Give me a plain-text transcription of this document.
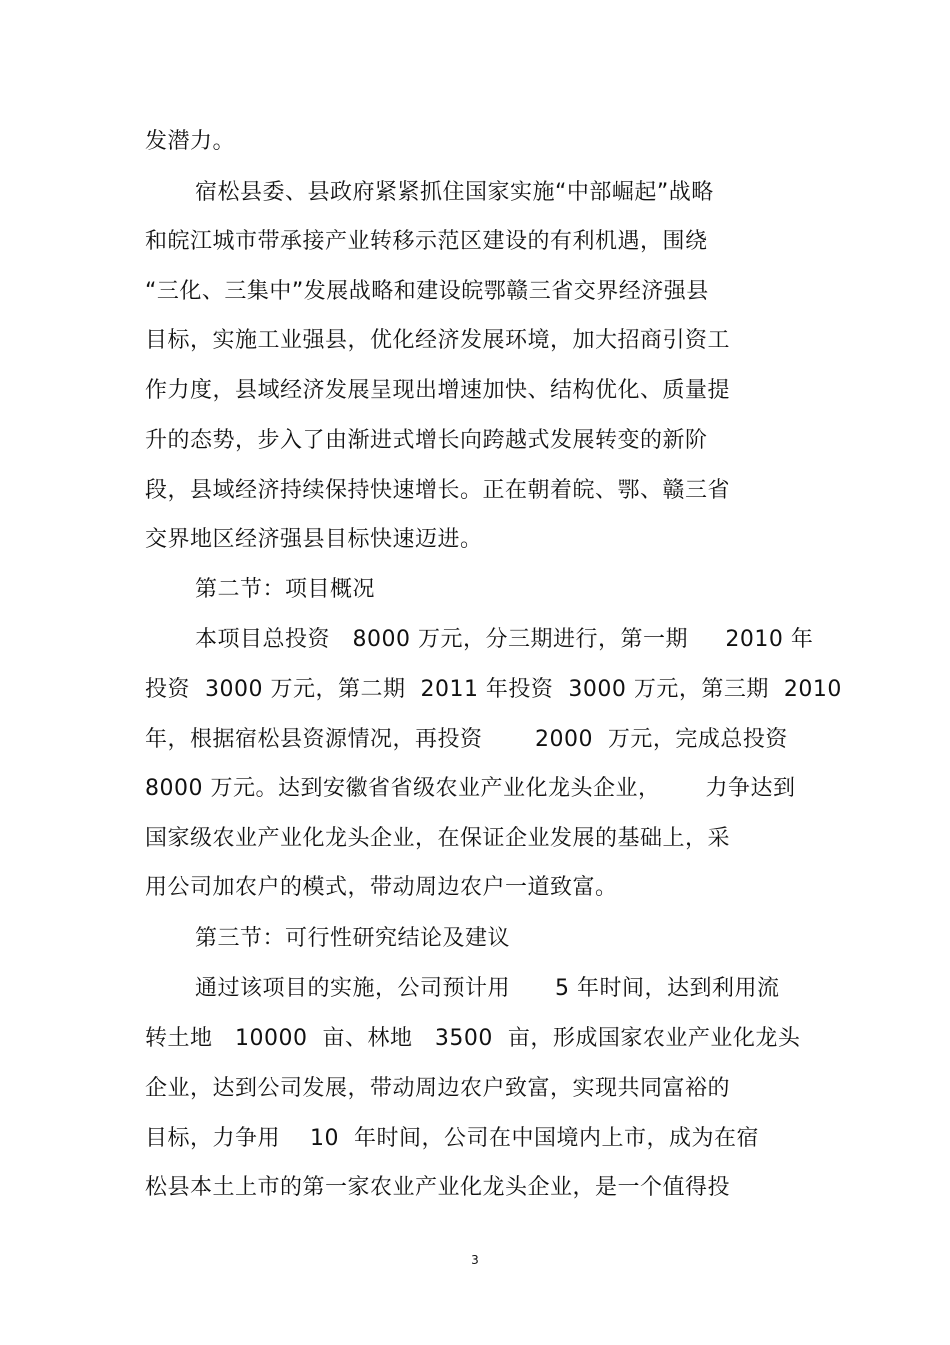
发潜力。
宿松县委、县政府紧紧抓住国家实施“中部崛起”战略
和皖江城市带承接产业转移示范区建设的有利机遇，围绕
“三化、三集中”发展战略和建设皖鄂赣三省交界经济强县
目标，实施工业强县，优化经济发展环境，加大招商引资工
作力度，县域经济发展呈现出增速加快、结构优化、质量提
升的态势，步入了由渐进式增长向跨越式发展转变的新阶
段，县域经济持续保持快速增长。正在朝着皖、鄂、赣三省
交界地区经济强县目标快速迈进。
第二节：项目概况
本项目总投资   8000 万元，分三期进行，第一期     2010 年
投资  3000 万元，第二期  2011 年投资  3000 万元，第三期  2010
年，根据宿松县资源情况，再投资       2000  万元，完成总投资
8000 万元。达到安徽省省级农业产业化龙头企业，      力争达到
国家级农业产业化龙头企业，在保证企业发展的基础上，采
用公司加农户的模式，带动周边农户一道致富。
第三节：可行性研究结论及建议
通过该项目的实施，公司预计用      5 年时间，达到利用流
转土地   10000  亩、林地   3500  亩，形成国家农业产业化龙头
企业，达到公司发展，带动周边农户致富，实现共同富裕的
目标，力争用    10  年时间，公司在中国境内上市，成为在宿
松县本土上市的第一家农业产业化龙头企业，是一个值得投
3
